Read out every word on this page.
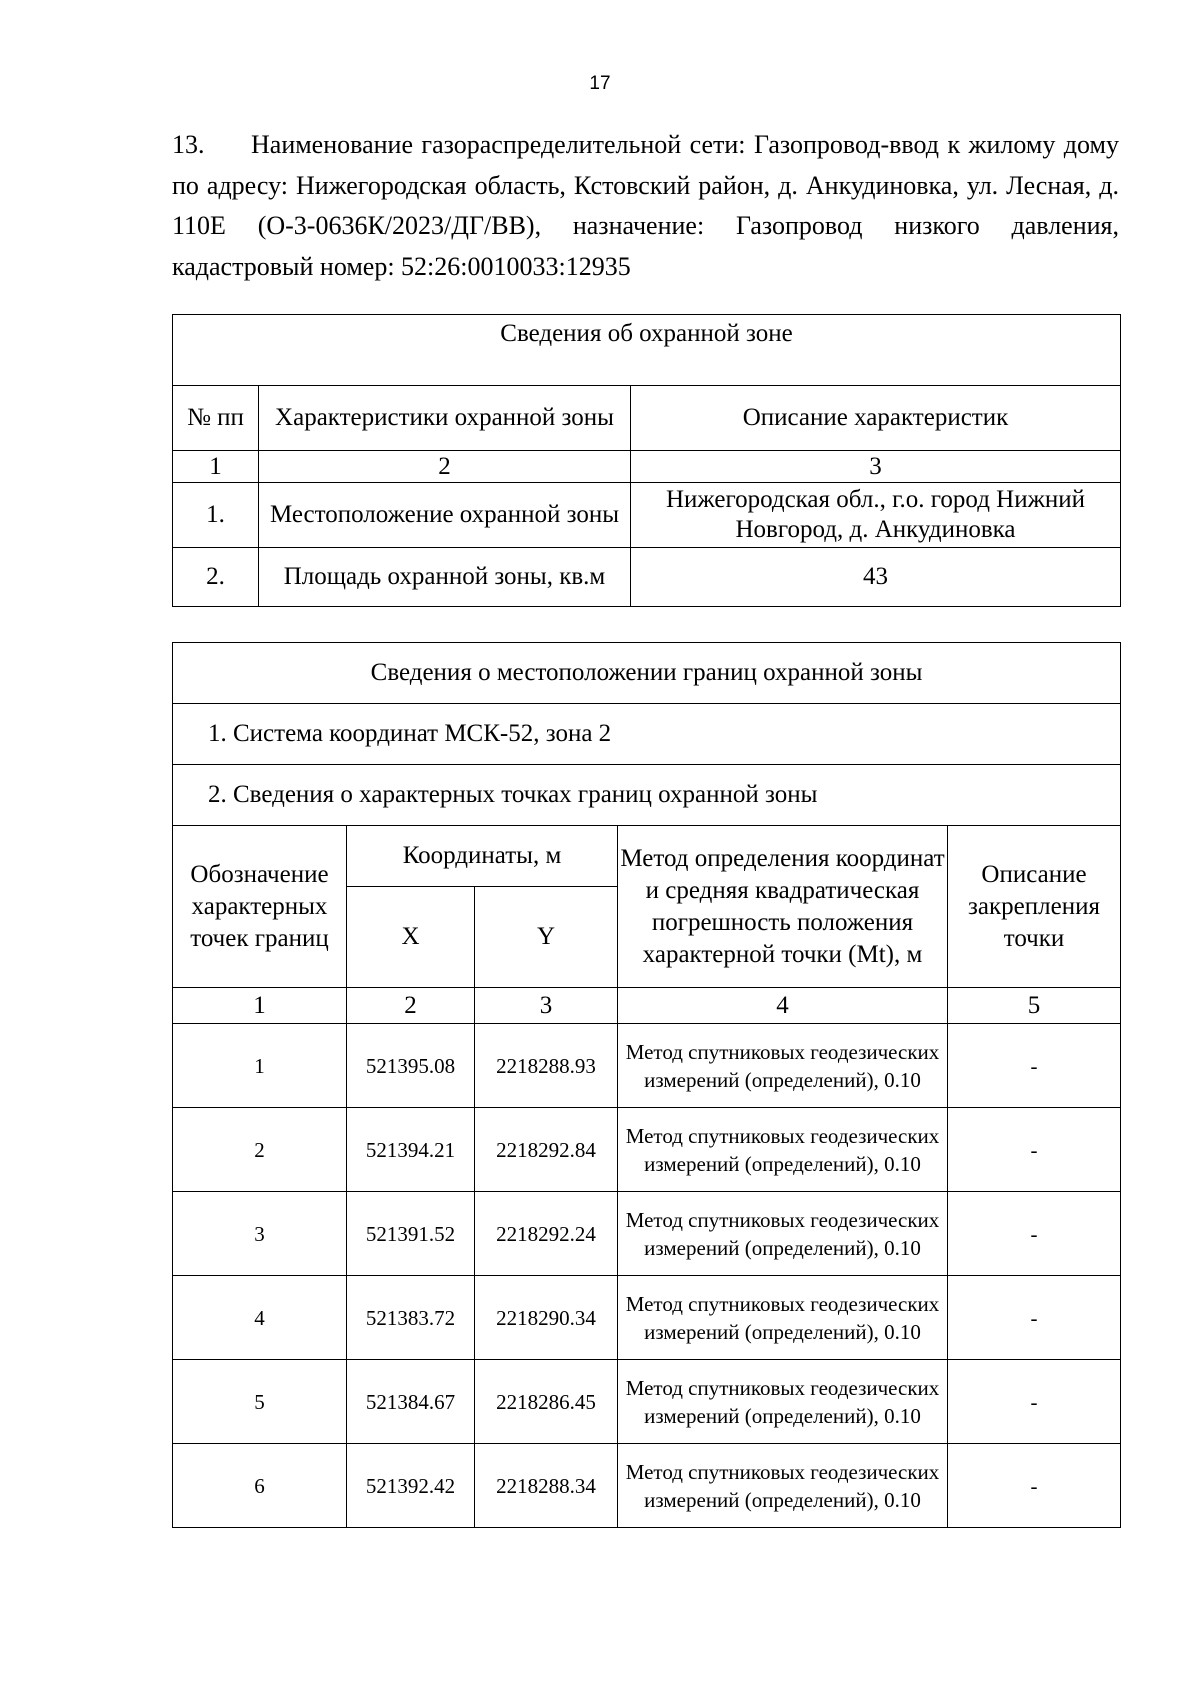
17

13. Наименование газораспределительной сети: Газопровод-ввод к жилому дому по адресу: Нижегородская область, Кстовский район, д. Анкудиновка, ул. Лесная, д. 110Е (О-3-0636К/2023/ДГ/ВВ), назначение: Газопровод низкого давления, кадастровый номер: 52:26:0010033:12935

Сведения об охранной зоне		
№ пп	Характеристики охранной зоны	Описание характеристик
1	2	3
1.	Местоположение охранной зоны	Нижегородская обл., г.о. город Нижний Новгород, д. Анкудиновка
2.	Площадь охранной зоны, кв.м	43
Сведения о местоположении границ охранной зоны				
1. Система координат МСК-52, зона 2				
2. Сведения о характерных точках границ охранной зоны				
Обозначение характерных точек границ	Координаты, м		Метод определения координат и средняя квадратическая погрешность положения характерной точки (Mt), м	Описание закрепления точки
	X	Y		
1	2	3	4	5
1	521395.08	2218288.93	Метод спутниковых геодезических измерений (определений), 0.10	-
2	521394.21	2218292.84	Метод спутниковых геодезических измерений (определений), 0.10	-
3	521391.52	2218292.24	Метод спутниковых геодезических измерений (определений), 0.10	-
4	521383.72	2218290.34	Метод спутниковых геодезических измерений (определений), 0.10	-
5	521384.67	2218286.45	Метод спутниковых геодезических измерений (определений), 0.10	-
6	521392.42	2218288.34	Метод спутниковых геодезических измерений (определений), 0.10	-
